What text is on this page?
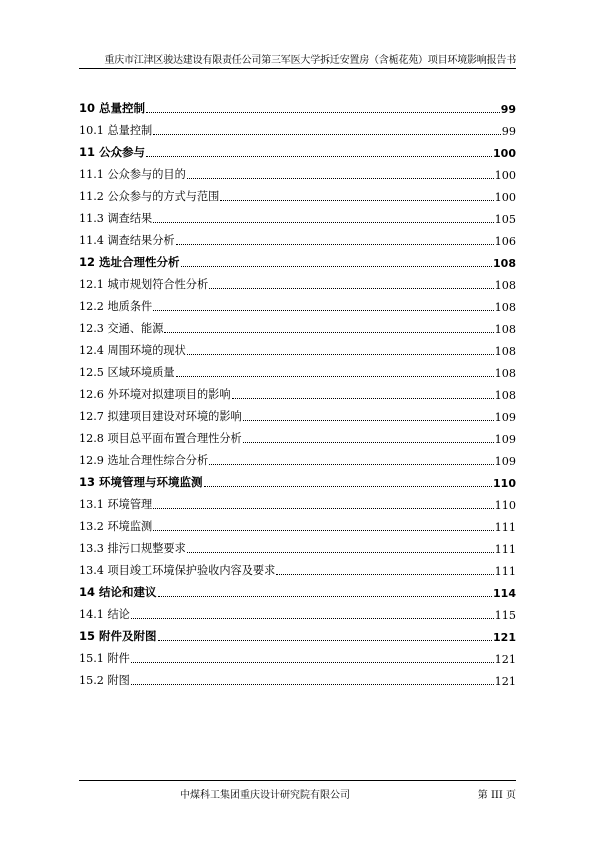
重庆市江津区骏达建设有限责任公司第三军医大学拆迁安置房（含栀花苑）项目环境影响报告书
10 总量控制	99
10.1 总量控制	99
11 公众参与	100
11.1 公众参与的目的	100
11.2 公众参与的方式与范围	100
11.3 调查结果	105
11.4 调查结果分析	106
12 选址合理性分析	108
12.1 城市规划符合性分析	108
12.2 地质条件	108
12.3 交通、能源	108
12.4 周围环境的现状	108
12.5 区域环境质量	108
12.6 外环境对拟建项目的影响	108
12.7 拟建项目建设对环境的影响	109
12.8 项目总平面布置合理性分析	109
12.9 选址合理性综合分析	109
13 环境管理与环境监测	110
13.1 环境管理	110
13.2 环境监测	111
13.3 排污口规整要求	111
13.4 项目竣工环境保护验收内容及要求	111
14 结论和建议	114
14.1 结论	115
15 附件及附图	121
15.1 附件	121
15.2 附图	121
中煤科工集团重庆设计研究院有限公司	第 III 页
